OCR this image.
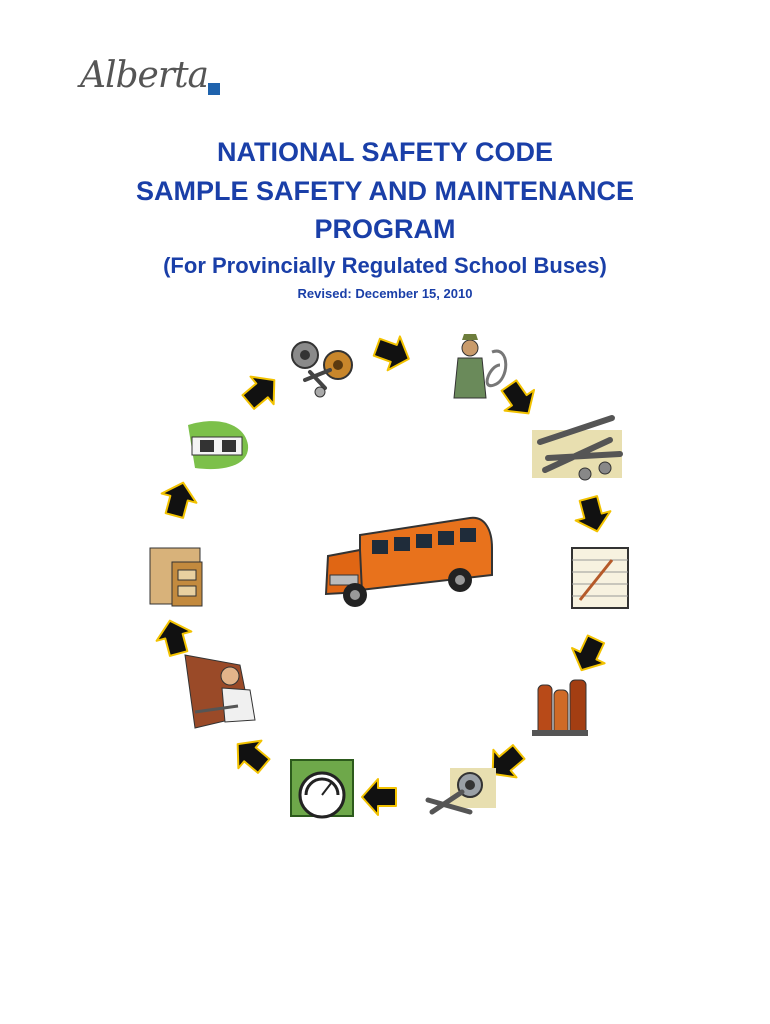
Alberta
NATIONAL SAFETY CODE
SAMPLE SAFETY AND MAINTENANCE
PROGRAM
(For Provincially Regulated School Buses)
Revised: December 15, 2010
